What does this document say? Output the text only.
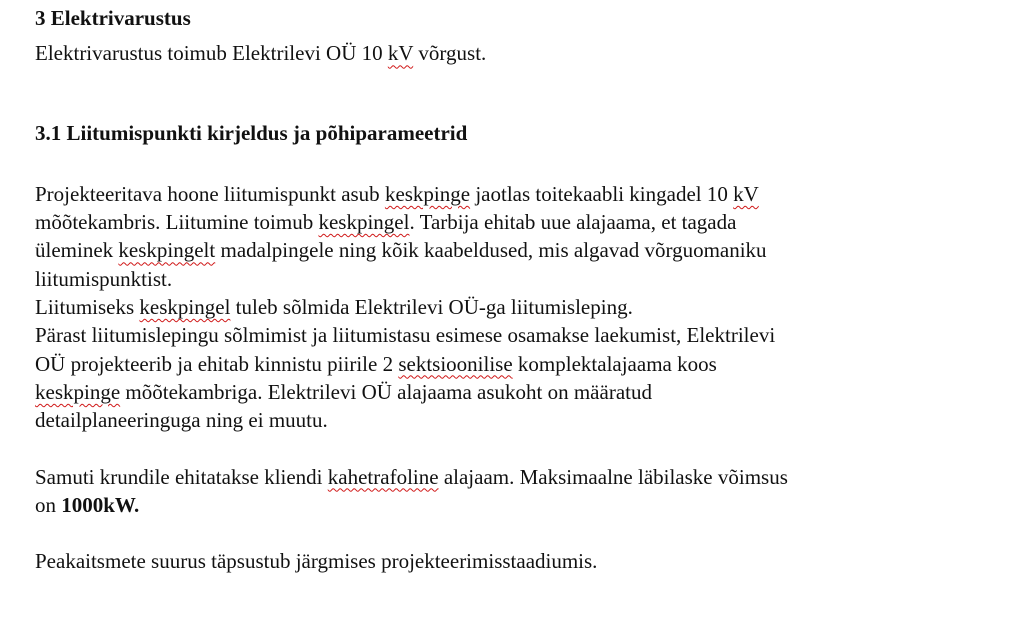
3 Elektrivarustus

Elektrivarustus toimub Elektrilevi OÜ 10 kV võrgust.

3.1 Liitumispunkti kirjeldus ja põhiparameetrid

Projekteeritava hoone liitumispunkt asub keskpinge jaotlas toitekaabli kingadel 10 kV
mõõtekambris. Liitumine toimub keskpingel. Tarbija ehitab uue alajaama, et tagada
üleminek keskpingelt madalpingele ning kõik kaabeldused, mis algavad võrguomaniku
liitumispunktist.

Liitumiseks keskpingel tuleb sõlmida Elektrilevi OÜ-ga liitumisleping.

Pärast liitumislepingu sõlmimist ja liitumistasu esimese osamakse laekumist, Elektrilevi
OÜ projekteerib ja ehitab kinnistu piirile 2 sektsioonilise komplektalajaama koos
keskpinge mõõtekambriga. Elektrilevi OÜ alajaama asukoht on määratud
detailplaneeringuga ning ei muutu.

Samuti krundile ehitatakse kliendi kahetrafoline alajaam. Maksimaalne läbilaske võimsus
on 1000kW.

Peakaitsmete suurus täpsustub järgmises projekteerimisstaadiumis.
